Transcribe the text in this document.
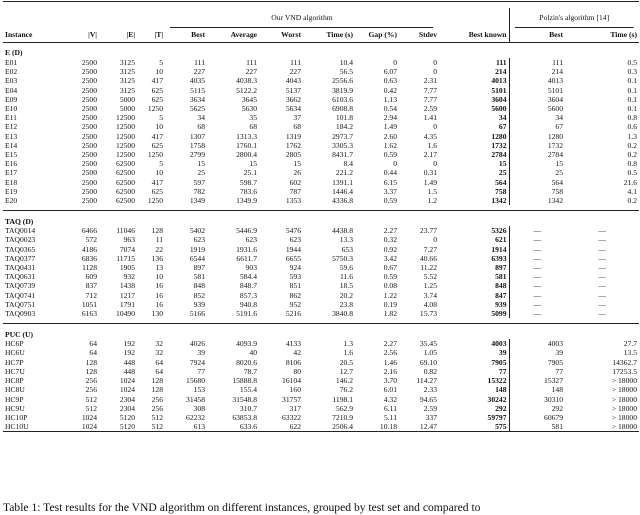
				Our VND algorithm							Polzin's algorithm [14]	
Instance	|V|	|E|	|T|	Best	Average	Worst	Time (s)	Gap (%)	Stdev	Best known	Best	Time (s)

E (D)												
E01	2500	3125	5	111	111	111	10.4	0	0	111	111	0.5
E02	2500	3125	10	227	227	227	56.5	6.07	0	214	214	0.3
E03	2500	3125	417	4035	4038.3	4043	2556.6	0.63	2.31	4013	4013	0.1
E04	2500	3125	625	5115	5122.2	5137	3819.9	0.42	7.77	5101	5101	0.1
E09	2500	5000	625	3634	3645	3662	6103.6	1.13	7.77	3604	3604	0.1
E10	2500	5000	1250	5625	5630	5634	6908.8	0.54	2.59	5600	5600	0.1
E11	2500	12500	5	34	35	37	101.8	2.94	1.41	34	34	0.8
E12	2500	12500	10	68	68	68	184.2	1.49	0	67	67	0.6
E13	2500	12500	417	1307	1313.3	1319	2973.7	2.60	4.35	1280	1280	1.3
E14	2500	12500	625	1758	1760.1	1762	3305.3	1.62	1.6	1732	1732	0.2
E15	2500	12500	1250	2799	2800.4	2805	8431.7	0.59	2.17	2784	2784	0.2
E16	2500	62500	5	15	15	15	8.4	0	0	15	15	0.8
E17	2500	62500	10	25	25.1	26	221.2	0.44	0.31	25	25	0.5
E18	2500	62500	417	597	598.7	602	1391.1	6.15	1.49	564	564	21.6
E19	2500	62500	625	782	783.6	787	1446.4	3.37	1.5	758	758	4.1
E20	2500	62500	1250	1349	1349.9	1353	4336.8	0.59	1.2	1342	1342	0.2

TAQ (D)												
TAQ0014	6466	11046	128	5402	5446.9	5476	4438.8	2.27	23.77	5326	—	—
TAQ0023	572	963	11	623	623	623	13.3	0.32	0	621	—	—
TAQ0365	4186	7074	22	1919	1931.6	1944	653	0.92	7.27	1914	—	—
TAQ0377	6836	11715	136	6544	6611.7	6655	5750.3	3.42	40.66	6393	—	—
TAQ0431	1128	1905	13	897	903	924	59.6	0.67	11.22	897	—	—
TAQ0631	609	932	10	581	584.4	593	11.6	0.59	5.52	581	—	—
TAQ0739	837	1438	16	848	848.7	851	18.5	0.08	1.25	848	—	—
TAQ0741	712	1217	16	852	857.3	862	20.2	1.22	3.74	847	—	—
TAQ0751	1051	1791	16	939	940.8	952	23.8	0.19	4.08	939	—	—
TAQ0903	6163	10490	130	5166	5191.6	5216	3840.8	1.82	15.73	5099	—	—

PUC (U)												
HC6P	64	192	32	4026	4093.9	4133	1.3	2.27	35.45	4003	4003	27.7
HC6U	64	192	32	39	40	42	1.6	2.56	1.05	39	39	13.5
HC7P	128	448	64	7924	8020.6	8106	20.5	1.46	69.10	7905	7905	14362.7
HC7U	128	448	64	77	78.7	80	12.7	2.16	0.82	77	77	17253.5
HC8P	256	1024	128	15680	15888.8	16104	146.2	3.70	114.27	15322	15327	> 18000
HC8U	256	1024	128	153	155.4	160	76.2	6.01	2.33	148	148	> 18000
HC9P	512	2304	256	31458	31548.8	31757	1198.1	4.32	94.65	30242	30310	> 18000
HC9U	512	2304	256	308	310.7	317	562.9	6.11	2.59	292	292	> 18000
HC10P	1024	5120	512	62232	63853.8	63322	7210.9	5.11	337	59797	60679	> 18000
HC10U	1024	5120	512	613	633.6	622	2506.4	10.18	12.47	575	581	> 18000
Table 1: Test results for the VND algorithm on different instances, grouped by test set and compared to
